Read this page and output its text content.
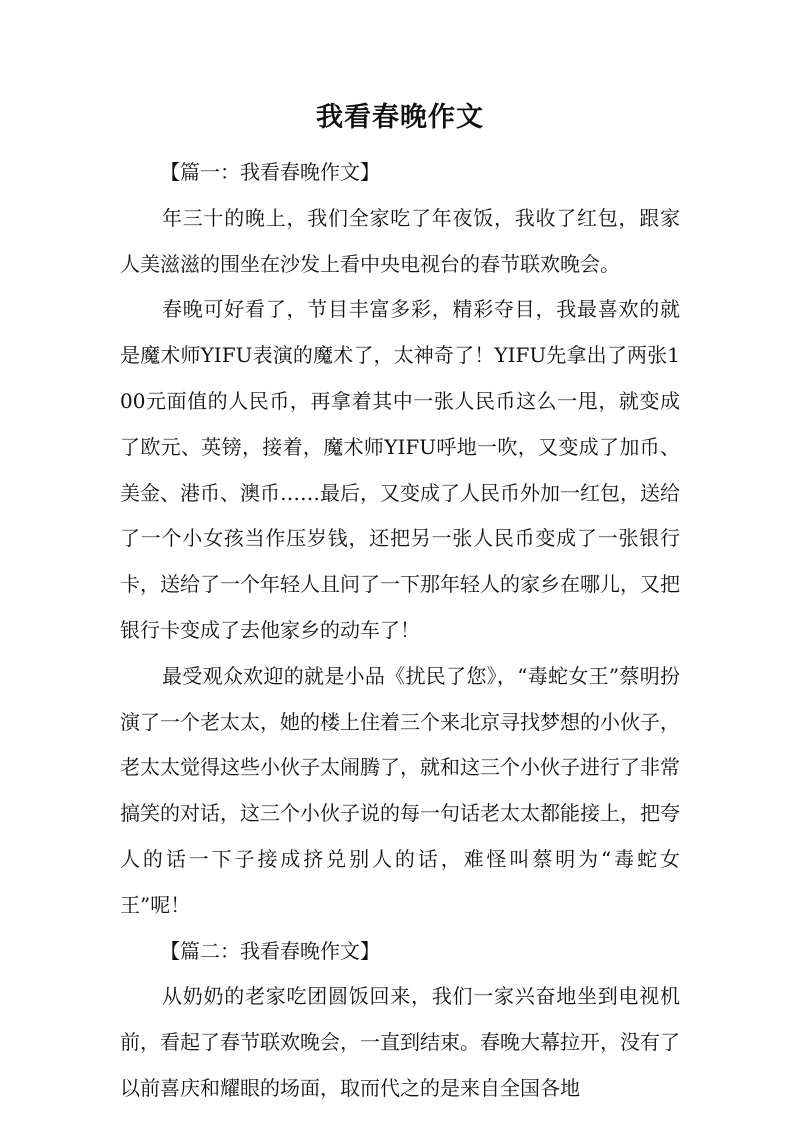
我看春晚作文

【篇一：我看春晚作文】

年三十的晚上，我们全家吃了年夜饭，我收了红包，跟家人美滋滋的围坐在沙发上看中央电视台的春节联欢晚会。

春晚可好看了，节目丰富多彩，精彩夺目，我最喜欢的就是魔术师YIFU表演的魔术了，太神奇了！YIFU先拿出了两张100元面值的人民币，再拿着其中一张人民币这么一甩，就变成了欧元、英镑，接着，魔术师YIFU呼地一吹，又变成了加币、美金、港币、澳币……最后，又变成了人民币外加一红包，送给了一个小女孩当作压岁钱，还把另一张人民币变成了一张银行卡，送给了一个年轻人且问了一下那年轻人的家乡在哪儿，又把银行卡变成了去他家乡的动车了！

最受观众欢迎的就是小品《扰民了您》，“毒蛇女王”蔡明扮演了一个老太太，她的楼上住着三个来北京寻找梦想的小伙子，老太太觉得这些小伙子太闹腾了，就和这三个小伙子进行了非常搞笑的对话，这三个小伙子说的每一句话老太太都能接上，把夸人的话一下子接成挤兑别人的话，难怪叫蔡明为“毒蛇女王”呢！

【篇二：我看春晚作文】

从奶奶的老家吃团圆饭回来，我们一家兴奋地坐到电视机前，看起了春节联欢晚会，一直到结束。春晚大幕拉开，没有了以前喜庆和耀眼的场面，取而代之的是来自全国各地
